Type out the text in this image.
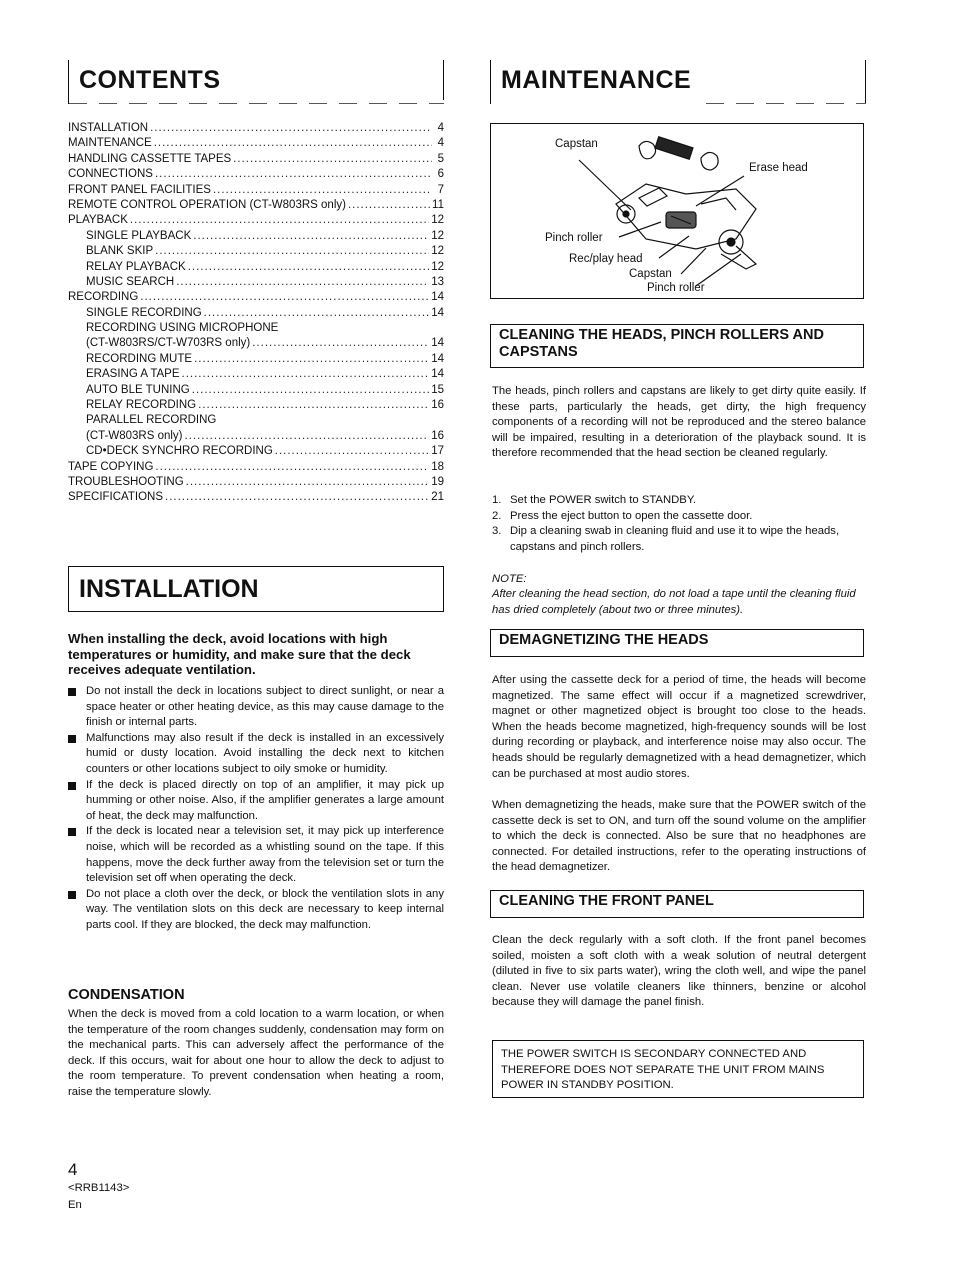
CONTENTS
INSTALLATION .....	4
MAINTENANCE .....	4
HANDLING CASSETTE TAPES .....	5
CONNECTIONS .....	6
FRONT PANEL FACILITIES .....	7
REMOTE CONTROL OPERATION (CT-W803RS only) .....	11
PLAYBACK .....	12
SINGLE PLAYBACK .....	12
BLANK SKIP .....	12
RELAY PLAYBACK .....	12
MUSIC SEARCH .....	13
RECORDING .....	14
SINGLE RECORDING .....	14
RECORDING USING MICROPHONE
(CT-W803RS/CT-W703RS only) .....	14
RECORDING MUTE .....	14
ERASING A TAPE .....	14
AUTO BLE TUNING .....	15
RELAY RECORDING .....	16
PARALLEL RECORDING
(CT-W803RS only) .....	16
CD•DECK SYNCHRO RECORDING .....	17
TAPE COPYING .....	18
TROUBLESHOOTING .....	19
SPECIFICATIONS .....	21
INSTALLATION
When installing the deck, avoid locations with high temperatures or humidity, and make sure that the deck receives adequate ventilation.
Do not install the deck in locations subject to direct sunlight, or near a space heater or other heating device, as this may cause damage to the finish or internal parts.
Malfunctions may also result if the deck is installed in an excessively humid or dusty location. Avoid installing the deck next to kitchen counters or other locations subject to oily smoke or humidity.
If the deck is placed directly on top of an amplifier, it may pick up humming or other noise. Also, if the amplifier generates a large amount of heat, the deck may malfunction.
If the deck is located near a television set, it may pick up interference noise, which will be recorded as a whistling sound on the tape. If this happens, move the deck further away from the television set or turn the television set off when operating the deck.
Do not place a cloth over the deck, or block the ventilation slots in any way. The ventilation slots on this deck are necessary to keep internal parts cool. If they are blocked, the deck may malfunction.
CONDENSATION
When the deck is moved from a cold location to a warm location, or when the temperature of the room changes suddenly, condensation may form on the mechanical parts. This can adversely affect the performance of the deck. If this occurs, wait for about one hour to allow the deck to adjust to the room temperature. To prevent condensation when heating a room, raise the temperature slowly.
MAINTENANCE
Capstan
Erase head
Pinch roller
Rec/play head
Capstan
Pinch roller
CLEANING THE HEADS, PINCH ROLLERS AND CAPSTANS
The heads, pinch rollers and capstans are likely to get dirty quite easily. If these parts, particularly the heads, get dirty, the high frequency components of a recording will not be reproduced and the stereo balance will be impaired, resulting in a deterioration of the playback sound. It is therefore recommended that the head section be cleaned regularly.
1. Set the POWER switch to STANDBY.
2. Press the eject button to open the cassette door.
3. Dip a cleaning swab in cleaning fluid and use it to wipe the heads, capstans and pinch rollers.
NOTE:
After cleaning the head section, do not load a tape until the cleaning fluid has dried completely (about two or three minutes).
DEMAGNETIZING THE HEADS
After using the cassette deck for a period of time, the heads will become magnetized. The same effect will occur if a magnetized screwdriver, magnet or other magnetized object is brought too close to the heads. When the heads become magnetized, high-frequency sounds will be lost during recording or playback, and interference noise may also occur. The heads should be regularly demagnetized with a head demagnetizer, which can be purchased at most audio stores.
When demagnetizing the heads, make sure that the POWER switch of the cassette deck is set to ON, and turn off the sound volume on the amplifier to which the deck is connected. Also be sure that no headphones are connected. For detailed instructions, refer to the operating instructions of the head demagnetizer.
CLEANING THE FRONT PANEL
Clean the deck regularly with a soft cloth. If the front panel becomes soiled, moisten a soft cloth with a weak solution of neutral detergent (diluted in five to six parts water), wring the cloth well, and wipe the panel clean. Never use volatile cleaners like thinners, benzine or alcohol because they will damage the panel finish.
THE POWER SWITCH IS SECONDARY CONNECTED AND THEREFORE DOES NOT SEPARATE THE UNIT FROM MAINS POWER IN STANDBY POSITION.
4
<RRB1143>
En
